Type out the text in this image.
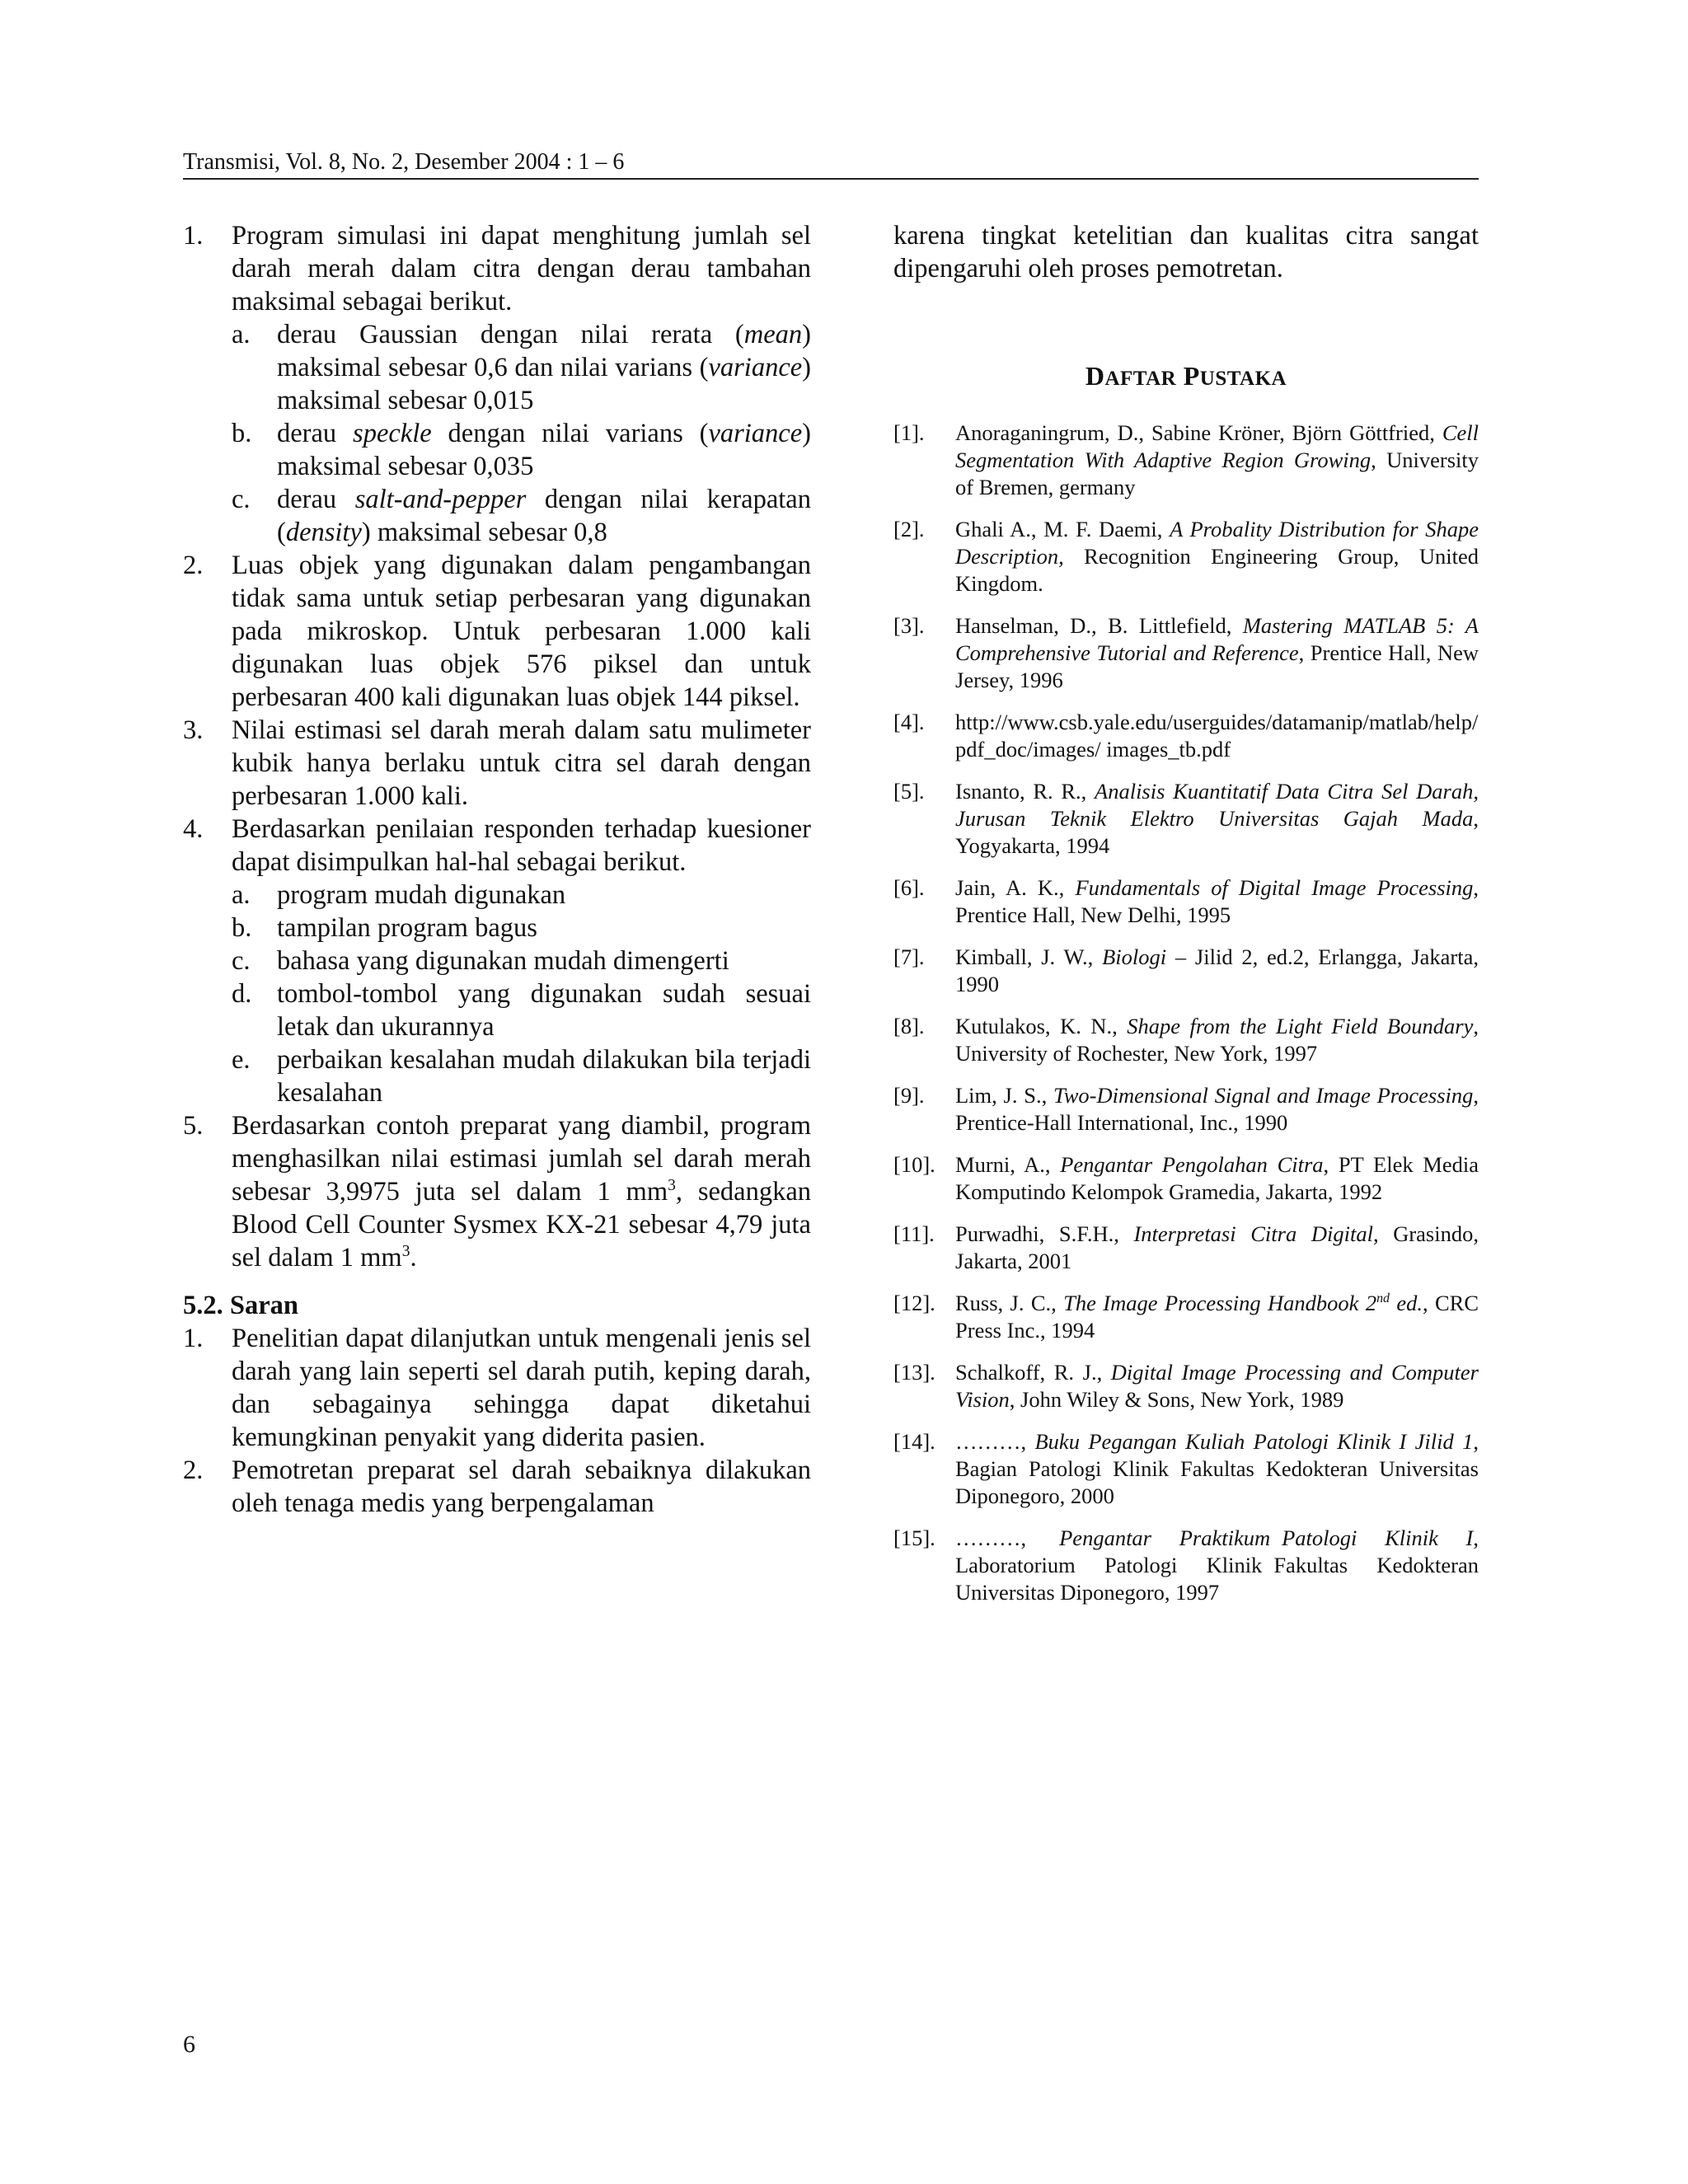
Transmisi, Vol. 8, No. 2, Desember 2004 : 1 – 6
1. Program simulasi ini dapat menghitung jumlah sel darah merah dalam citra dengan derau tambahan maksimal sebagai berikut.
a. derau Gaussian dengan nilai rerata (mean) maksimal sebesar 0,6 dan nilai varians (variance) maksimal sebesar 0,015
b. derau speckle dengan nilai varians (variance) maksimal sebesar 0,035
c. derau salt-and-pepper dengan nilai kerapatan (density) maksimal sebesar 0,8
2. Luas objek yang digunakan dalam pengambangan tidak sama untuk setiap perbesaran yang digunakan pada mikroskop. Untuk perbesaran 1.000 kali digunakan luas objek 576 piksel dan untuk perbesaran 400 kali digunakan luas objek 144 piksel.
3. Nilai estimasi sel darah merah dalam satu mulimeter kubik hanya berlaku untuk citra sel darah dengan perbesaran 1.000 kali.
4. Berdasarkan penilaian responden terhadap kuesioner dapat disimpulkan hal-hal sebagai berikut.
a. program mudah digunakan
b. tampilan program bagus
c. bahasa yang digunakan mudah dimengerti
d. tombol-tombol yang digunakan sudah sesuai letak dan ukurannya
e. perbaikan kesalahan mudah dilakukan bila terjadi kesalahan
5. Berdasarkan contoh preparat yang diambil, program menghasilkan nilai estimasi jumlah sel darah merah sebesar 3,9975 juta sel dalam 1 $mm^3$, sedangkan Blood Cell Counter Sysmex KX-21 sebesar 4,79 juta sel dalam 1 $mm^3$.
5.2. Saran
1. Penelitian dapat dilanjutkan untuk mengenali jenis sel darah yang lain seperti sel darah putih, keping darah, dan sebagainya sehingga dapat diketahui kemungkinan penyakit yang diderita pasien.
2. Pemotretan preparat sel darah sebaiknya dilakukan oleh tenaga medis yang berpengalaman

karena tingkat ketelitian dan kualitas citra sangat dipengaruhi oleh proses pemotretan.

DAFTAR PUSTAKA
[1]. Anoraganingrum, D., Sabine Kröner, Björn Göttfried, Cell Segmentation With Adaptive Region Growing, University of Bremen, germany
[2]. Ghali A., M. F. Daemi, A Probality Distribution for Shape Description, Recognition Engineering Group, United Kingdom.
[3]. Hanselman, D., B. Littlefield, Mastering MATLAB 5: A Comprehensive Tutorial and Reference, Prentice Hall, New Jersey, 1996
[4]. http://www.csb.yale.edu/userguides/datamanip/matlab/help/pdf_doc/images/ images_tb.pdf
[5]. Isnanto, R. R., Analisis Kuantitatif Data Citra Sel Darah, Jurusan Teknik Elektro Universitas Gajah Mada, Yogyakarta, 1994
[6]. Jain, A. K., Fundamentals of Digital Image Processing, Prentice Hall, New Delhi, 1995
[7]. Kimball, J. W., Biologi – Jilid 2, ed.2, Erlangga, Jakarta, 1990
[8]. Kutulakos, K. N., Shape from the Light Field Boundary, University of Rochester, New York, 1997
[9]. Lim, J. S., Two-Dimensional Signal and Image Processing, Prentice-Hall International, Inc., 1990
[10]. Murni, A., Pengantar Pengolahan Citra, PT Elek Media Komputindo Kelompok Gramedia, Jakarta, 1992
[11]. Purwadhi, S.F.H., Interpretasi Citra Digital, Grasindo, Jakarta, 2001
[12]. Russ, J. C., The Image Processing Handbook 2nd ed., CRC Press Inc., 1994
[13]. Schalkoff, R. J., Digital Image Processing and Computer Vision, John Wiley & Sons, New York, 1989
[14]. ………, Buku Pegangan Kuliah Patologi Klinik I Jilid 1, Bagian Patologi Klinik Fakultas Kedokteran Universitas Diponegoro, 2000
[15]. ………, Pengantar Praktikum Patologi Klinik I, Laboratorium Patologi Klinik Fakultas Kedokteran Universitas Diponegoro, 1997
6
